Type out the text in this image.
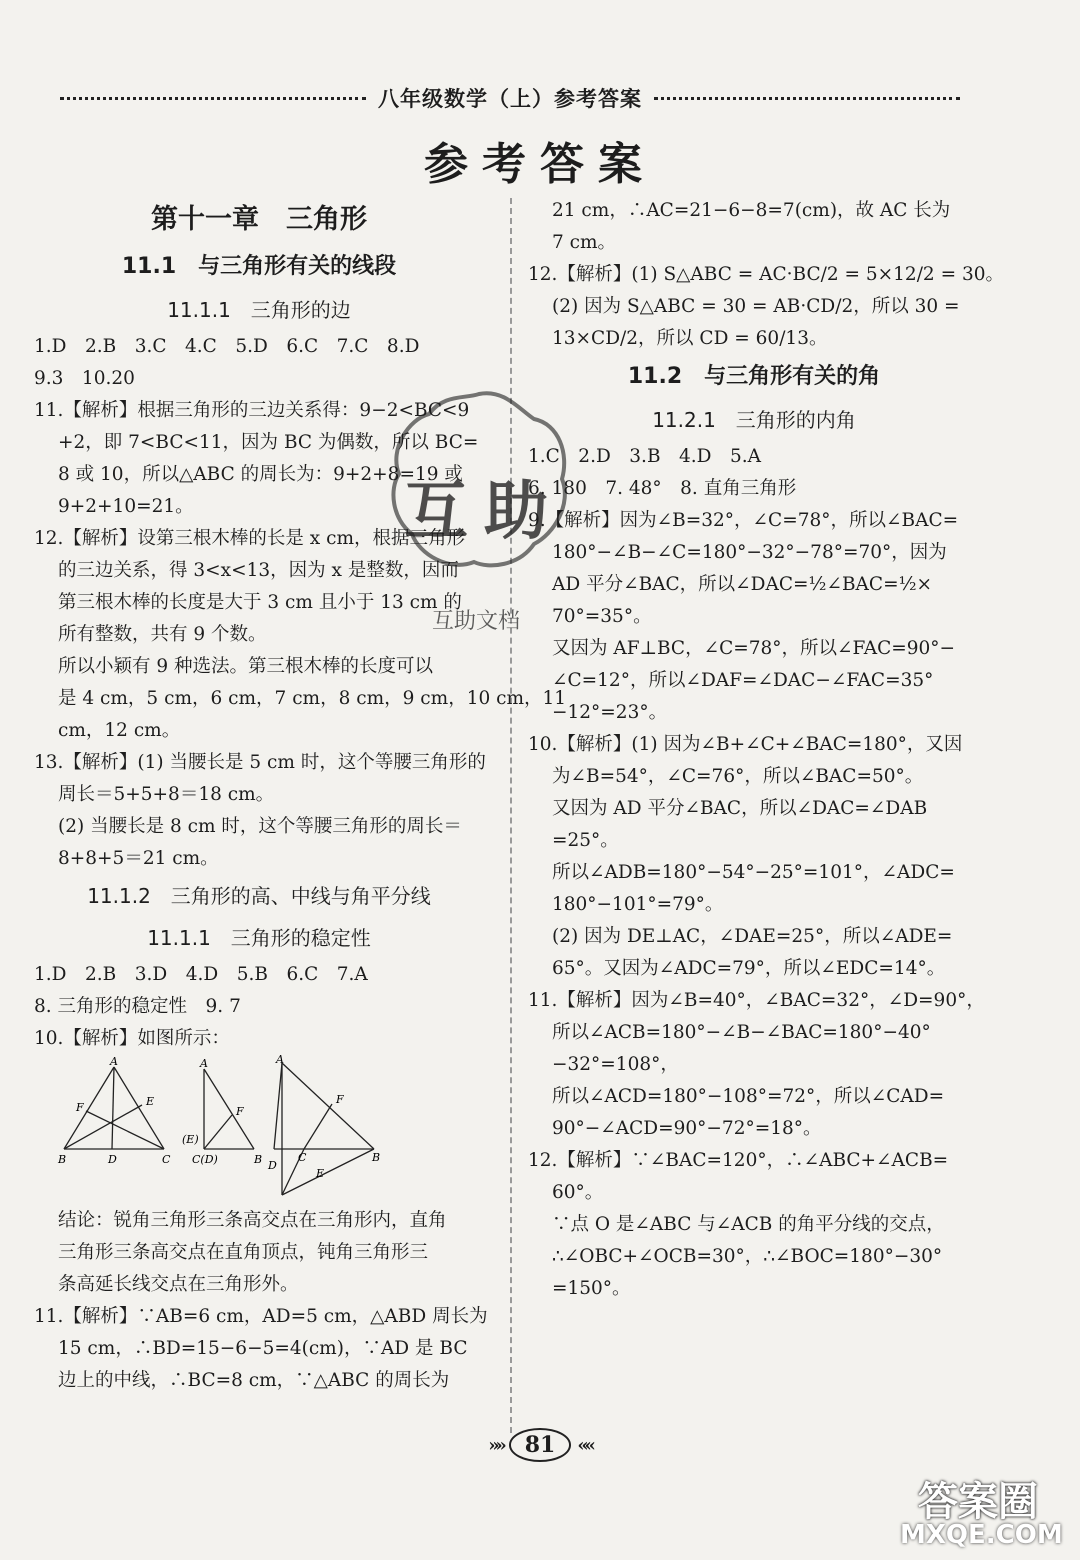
八年级数学（上）参考答案
参考答案
第十一章　三角形
11.1　与三角形有关的线段
11.1.1　三角形的边
1.D　2.B　3.C　4.C　5.D　6.C　7.C　8.D
9.3　10.20
11.【解析】根据三角形的三边关系得：9−2<BC<9
+2，即 7<BC<11，因为 BC 为偶数，所以 BC=
8 或 10，所以△ABC 的周长为：9+2+8=19 或
9+2+10=21。
12.【解析】设第三根木棒的长是 x cm，根据三角形
的三边关系，得 3<x<13，因为 x 是整数，因而
第三根木棒的长度是大于 3 cm 且小于 13 cm 的
所有整数，共有 9 个数。
所以小颖有 9 种选法。第三根木棒的长度可以
是 4 cm，5 cm，6 cm，7 cm，8 cm，9 cm，10 cm，11
cm，12 cm。
13.【解析】(1) 当腰长是 5 cm 时，这个等腰三角形的
周长＝5+5+8＝18 cm。
(2) 当腰长是 8 cm 时，这个等腰三角形的周长＝
8+8+5＝21 cm。
11.1.2　三角形的高、中线与角平分线
11.1.1　三角形的稳定性
1.D　2.B　3.D　4.D　5.B　6.C　7.A
8. 三角形的稳定性　9. 7
10.【解析】如图所示：
A
F	E
B	D	C
A
F
(E)
C(D)	B
A
F
B
C
D
E
结论：锐角三角形三条高交点在三角形内，直角
三角形三条高交点在直角顶点，钝角三角形三
条高延长线交点在三角形外。
11.【解析】∵AB=6 cm，AD=5 cm，△ABD 周长为
15 cm，∴BD=15−6−5=4(cm)，∵AD 是 BC
边上的中线，∴BC=8 cm，∵△ABC 的周长为
21 cm，∴AC=21−6−8=7(cm)，故 AC 长为
7 cm。
12.【解析】(1) S△ABC = AC·BC/2 = 5×12/2 = 30。
(2) 因为 S△ABC = 30 = AB·CD/2，所以 30 =
13×CD/2，所以 CD = 60/13。
11.2　与三角形有关的角
11.2.1　三角形的内角
1.C　2.D　3.B　4.D　5.A
6. 180　7. 48°　8. 直角三角形
9.【解析】因为∠B=32°，∠C=78°，所以∠BAC=
180°−∠B−∠C=180°−32°−78°=70°，因为
AD 平分∠BAC，所以∠DAC=½∠BAC=½×
70°=35°。
又因为 AF⊥BC，∠C=78°，所以∠FAC=90°−
∠C=12°，所以∠DAF=∠DAC−∠FAC=35°
−12°=23°。
10.【解析】(1) 因为∠B+∠C+∠BAC=180°，又因
为∠B=54°，∠C=76°，所以∠BAC=50°。
又因为 AD 平分∠BAC，所以∠DAC=∠DAB
=25°。
所以∠ADB=180°−54°−25°=101°，∠ADC=
180°−101°=79°。
(2) 因为 DE⊥AC，∠DAE=25°，所以∠ADE=
65°。又因为∠ADC=79°，所以∠EDC=14°。
11.【解析】因为∠B=40°，∠BAC=32°，∠D=90°，
所以∠ACB=180°−∠B−∠BAC=180°−40°
−32°=108°，
所以∠ACD=180°−108°=72°，所以∠CAD=
90°−∠ACD=90°−72°=18°。
12.【解析】∵∠BAC=120°，∴∠ABC+∠ACB=
60°。
∵点 O 是∠ABC 与∠ACB 的角平分线的交点，
∴∠OBC+∠OCB=30°，∴∠BOC=180°−30°
=150°。
互助
互助文档
»»	81	««
答案圈
MXQE.COM
